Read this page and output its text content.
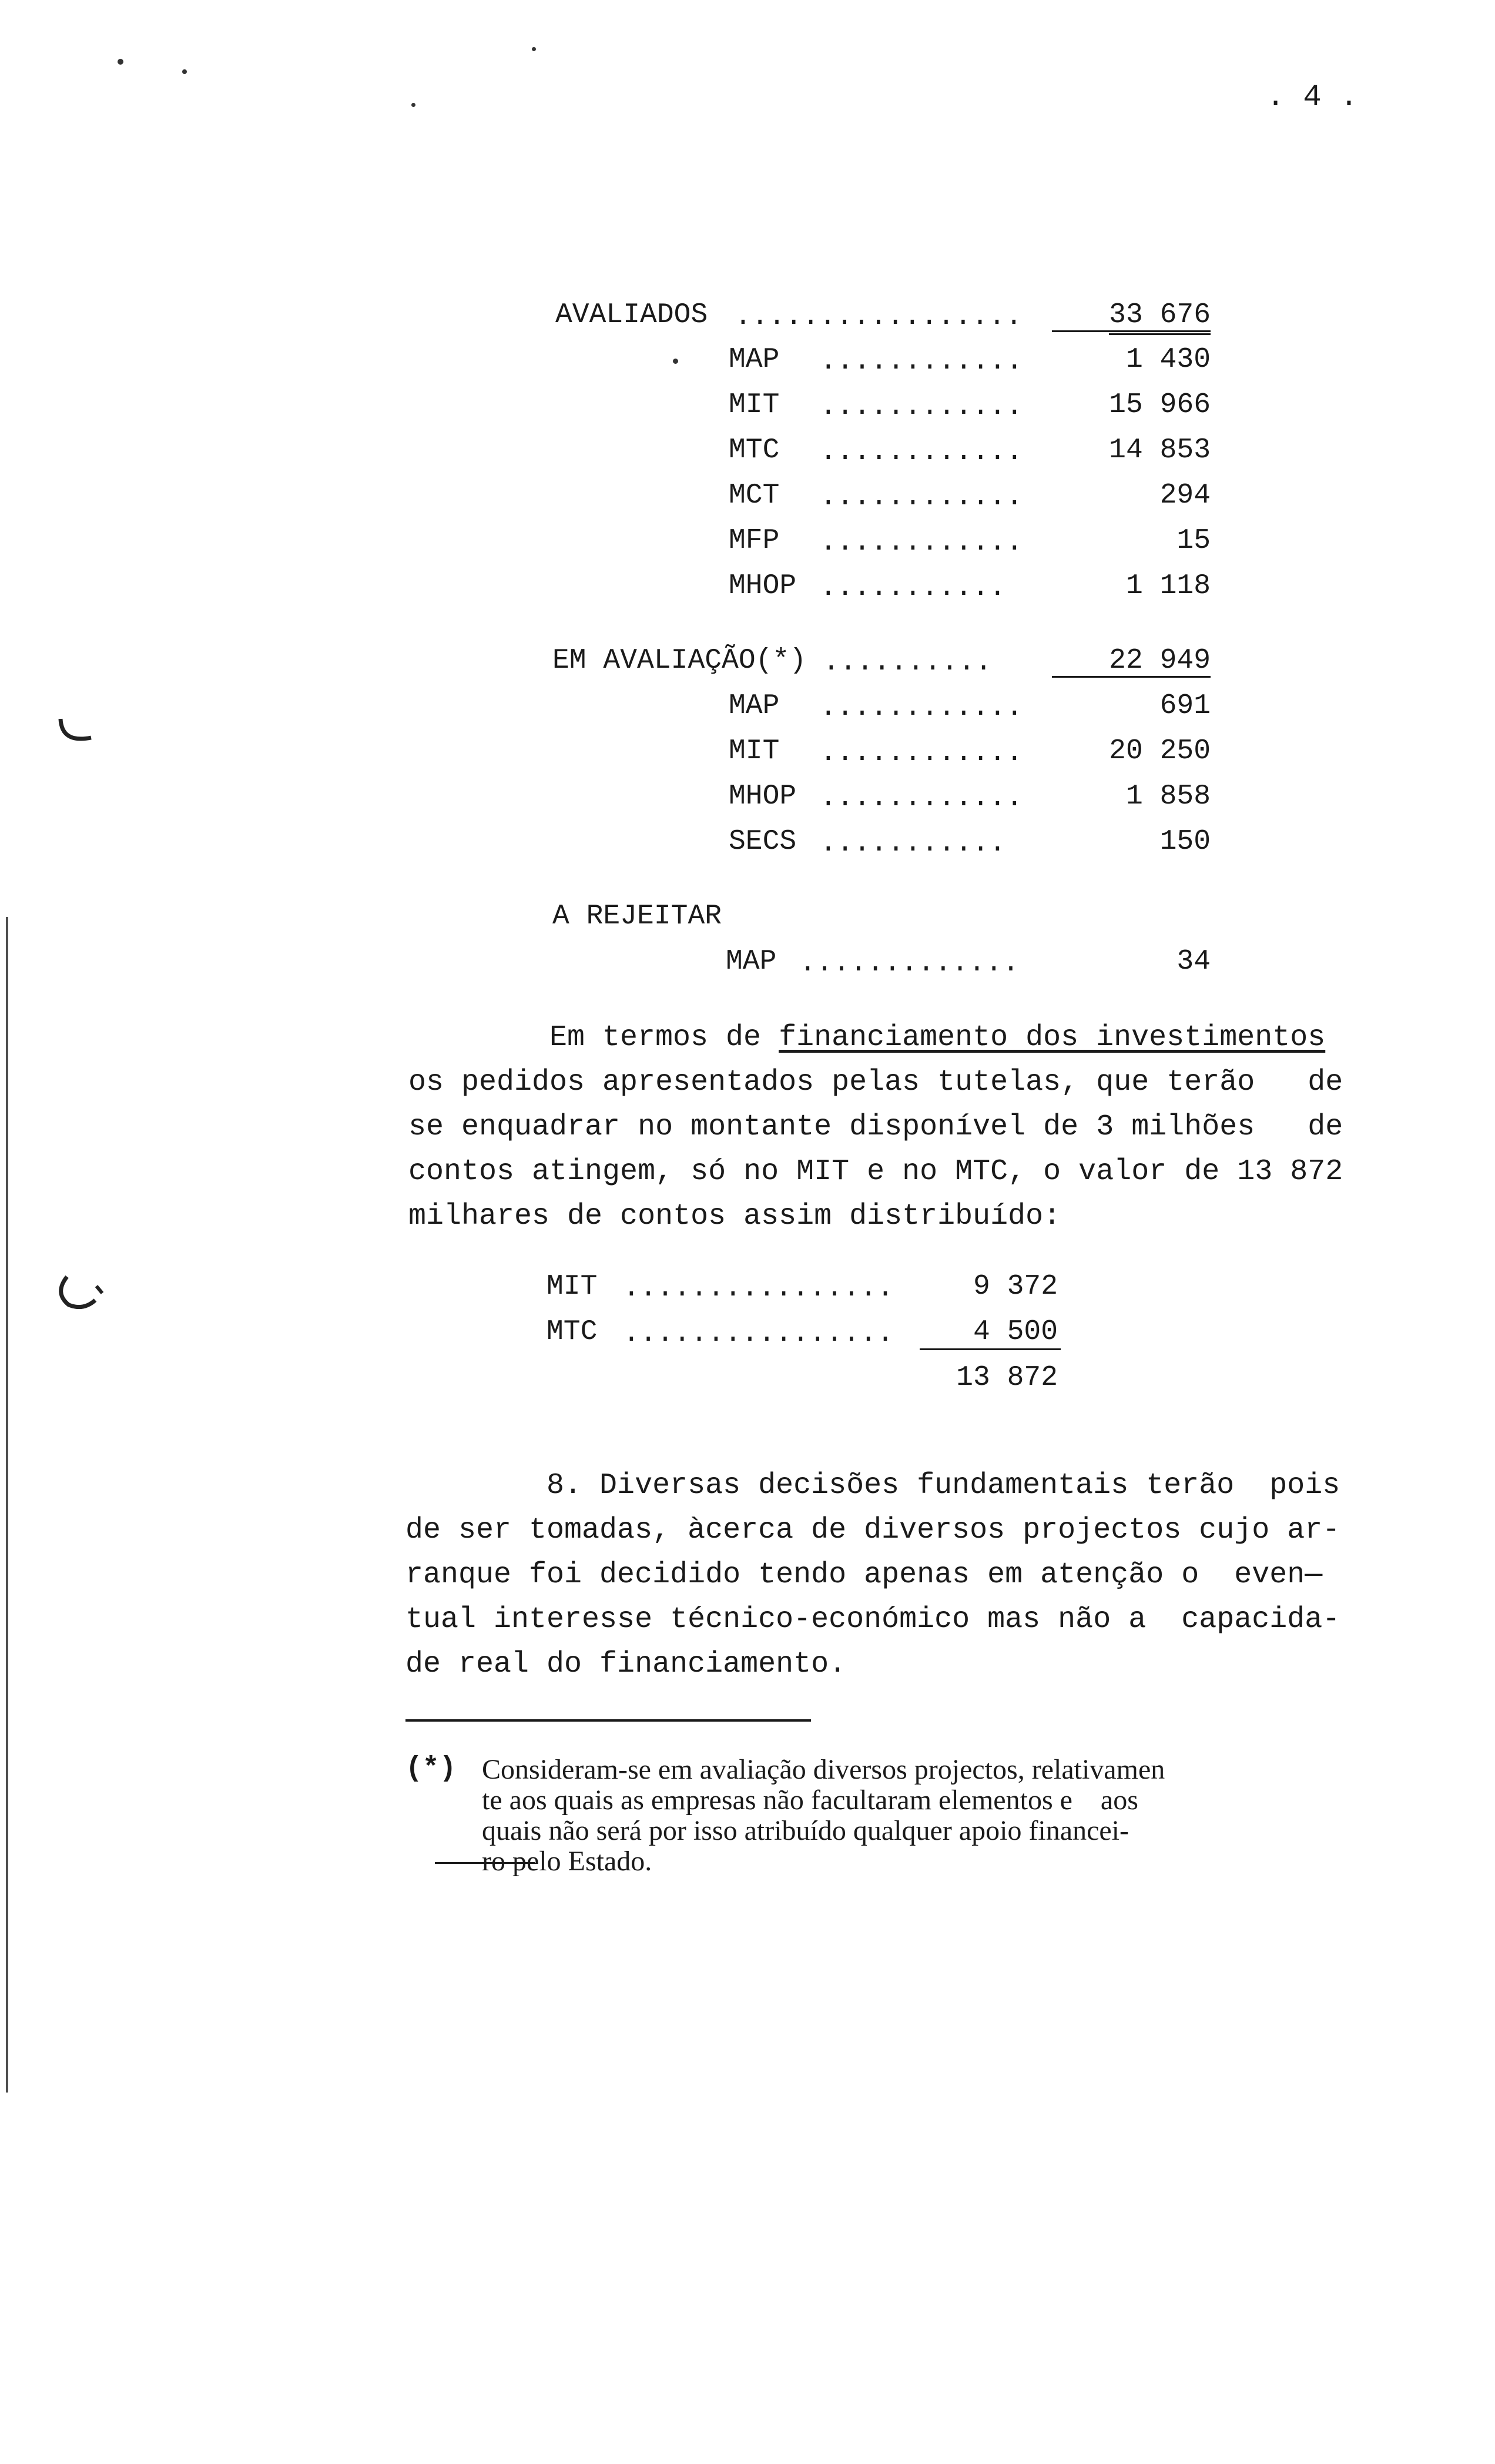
. 4 .
AVALIADOS .................	33 676
MAP ............	1 430
MIT ............	15 966
MTC ............	14 853
MCT ............	294
MFP ............	15
MHOP ...........	1 118
EM AVALIAÇÃO(*) ..........	22 949
MAP ............	691
MIT ............	20 250
MHOP ............	1 858
SECS ...........	150
A REJEITAR
MAP .............	34
Em termos de financiamento dos investimentos
os pedidos apresentados pelas tutelas, que terão   de
se enquadrar no montante disponível de 3 milhões   de
contos atingem, só no MIT e no MTC, o valor de 13 872
milhares de contos assim distribuído:
MIT ................	9 372
MTC ................	4 500
13 872
8. Diversas decisões fundamentais terão  pois
de ser tomadas, àcerca de diversos projectos cujo ar-
ranque foi decidido tendo apenas em atenção o  even—
tual interesse técnico-económico mas não a  capacida-
de real do financiamento.
(*) Consideram-se em avaliação diversos projectos, relativamen
te aos quais as empresas não facultaram elementos e    aos
quais não será por isso atribuído qualquer apoio financei-
ro pelo Estado.
